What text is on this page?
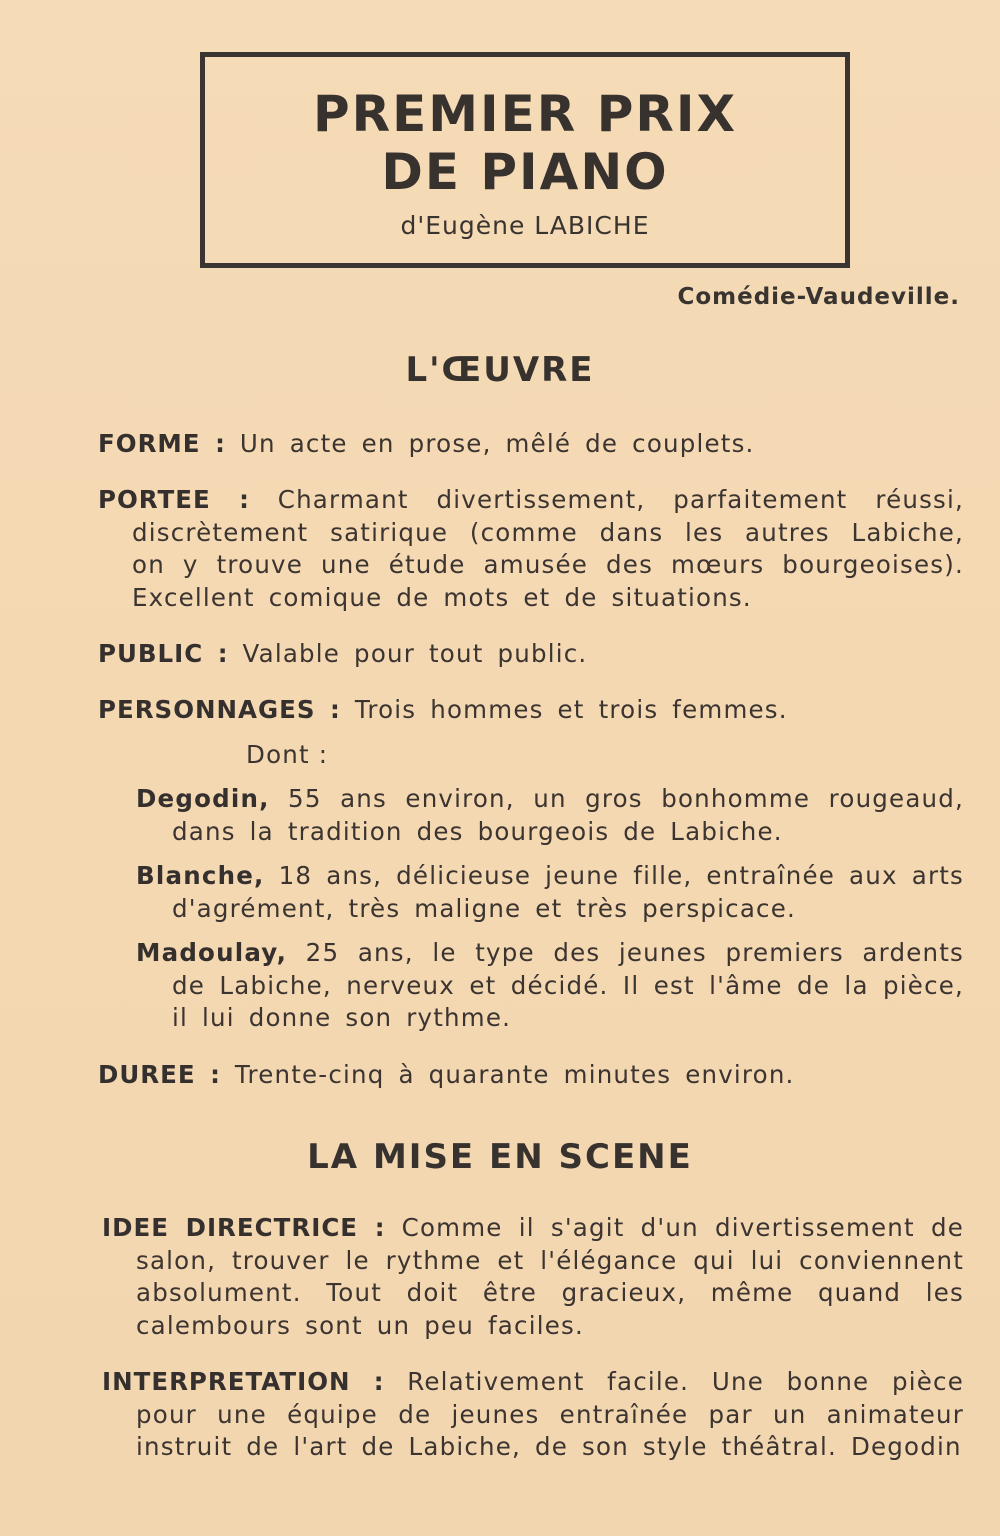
PREMIER PRIX
DE PIANO
d'Eugène LABICHE
Comédie-Vaudeville.
L'ŒUVRE
FORME : Un acte en prose, mêlé de couplets.
PORTEE : Charmant divertissement, parfaitement réussi, discrètement satirique (comme dans les autres Labiche, on y trouve une étude amusée des mœurs bourgeoises). Excellent comique de mots et de situations.
PUBLIC : Valable pour tout public.
PERSONNAGES : Trois hommes et trois femmes.
Dont :
Degodin, 55 ans environ, un gros bonhomme rougeaud, dans la tradition des bourgeois de Labiche.
Blanche, 18 ans, délicieuse jeune fille, entraînée aux arts d'agrément, très maligne et très perspicace.
Madoulay, 25 ans, le type des jeunes premiers ardents de Labiche, nerveux et décidé. Il est l'âme de la pièce, il lui donne son rythme.
DUREE : Trente-cinq à quarante minutes environ.
LA MISE EN SCENE
IDEE DIRECTRICE : Comme il s'agit d'un divertissement de salon, trouver le rythme et l'élégance qui lui conviennent absolument. Tout doit être gracieux, même quand les calembours sont un peu faciles.
INTERPRETATION : Relativement facile. Une bonne pièce pour une équipe de jeunes entraînée par un animateur instruit de l'art de Labiche, de son style théâtral. Degodin
